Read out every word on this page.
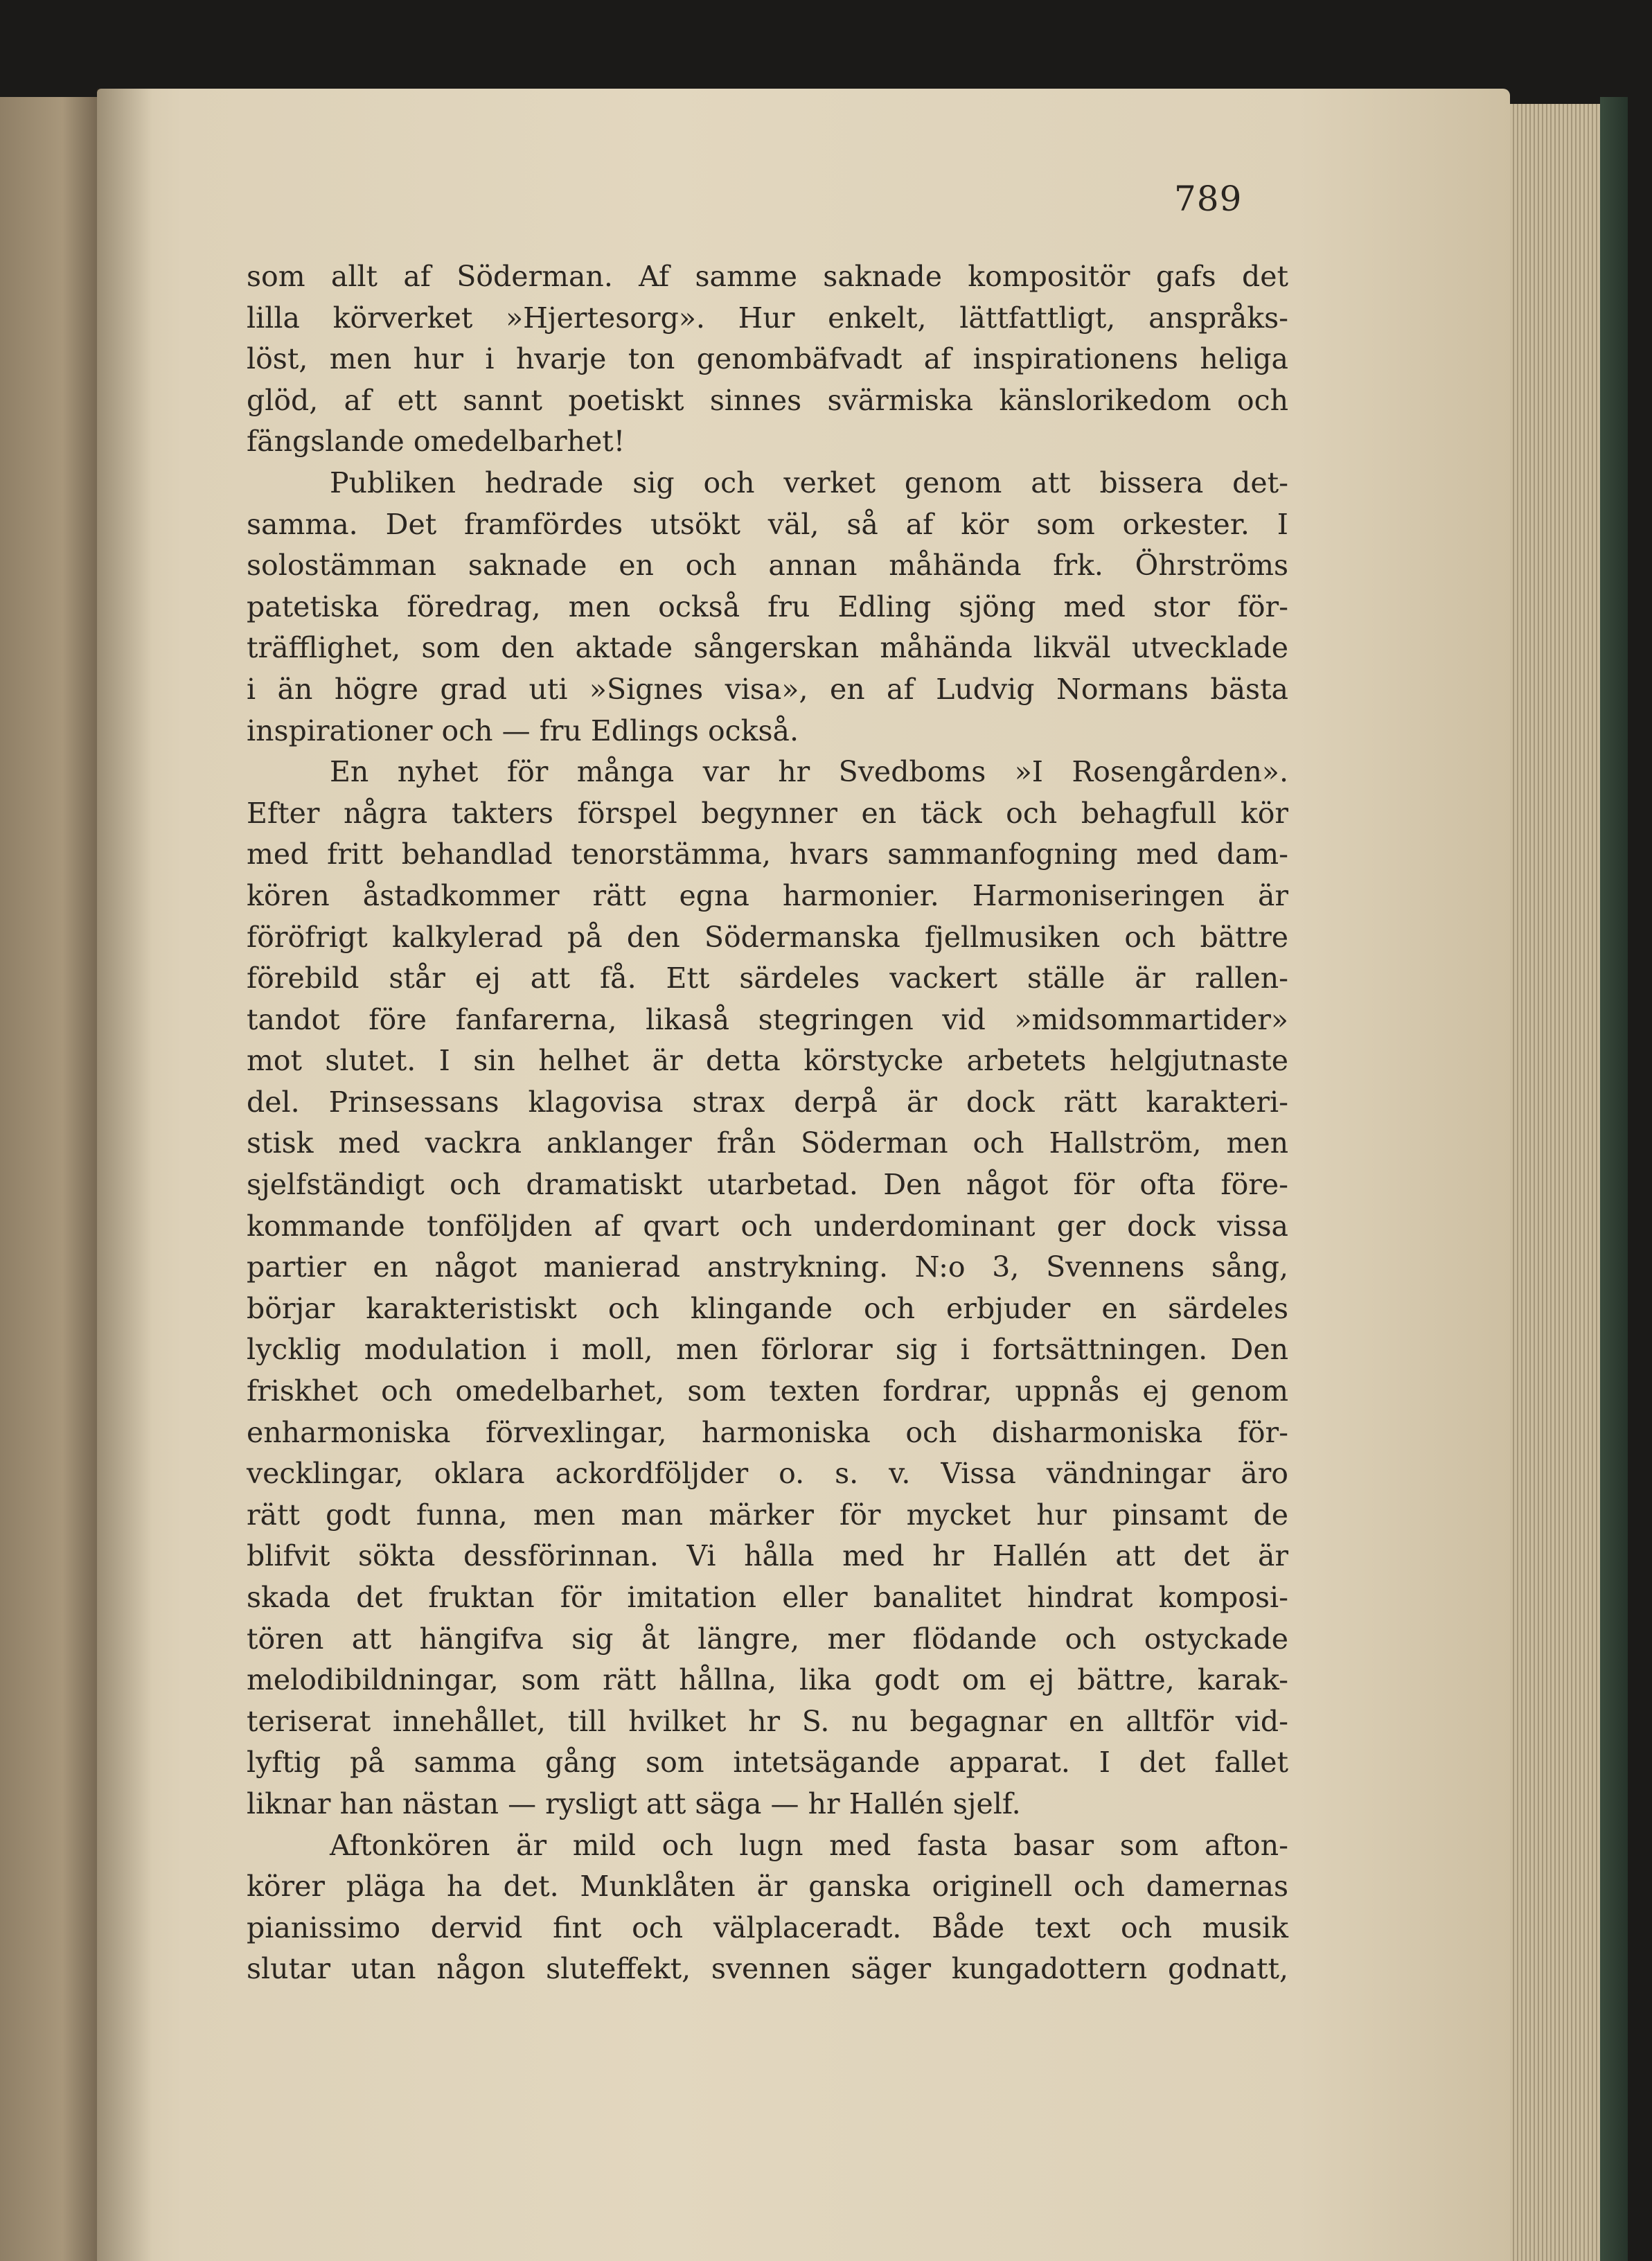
789
som allt af Söderman. Af samme saknade kompositör gafs det
lilla körverket »Hjertesorg». Hur enkelt, lättfattligt, anspråks-
löst, men hur i hvarje ton genombäfvadt af inspirationens heliga
glöd, af ett sannt poetiskt sinnes svärmiska känslorikedom och
fängslande omedelbarhet!
Publiken hedrade sig och verket genom att bissera det-
samma. Det framfördes utsökt väl, så af kör som orkester. I
solostämman saknade en och annan måhända frk. Öhrströms
patetiska föredrag, men också fru Edling sjöng med stor för-
träfflighet, som den aktade sångerskan måhända likväl utvecklade
i än högre grad uti »Signes visa», en af Ludvig Normans bästa
inspirationer och — fru Edlings också.
En nyhet för många var hr Svedboms »I Rosengården».
Efter några takters förspel begynner en täck och behagfull kör
med fritt behandlad tenorstämma, hvars sammanfogning med dam-
kören åstadkommer rätt egna harmonier. Harmoniseringen är
föröfrigt kalkylerad på den Södermanska fjellmusiken och bättre
förebild står ej att få. Ett särdeles vackert ställe är rallen-
tandot före fanfarerna, likaså stegringen vid »midsommartider»
mot slutet. I sin helhet är detta körstycke arbetets helgjutnaste
del. Prinsessans klagovisa strax derpå är dock rätt karakteri-
stisk med vackra anklanger från Söderman och Hallström, men
sjelfständigt och dramatiskt utarbetad. Den något för ofta före-
kommande tonföljden af qvart och underdominant ger dock vissa
partier en något manierad anstrykning. N:o 3, Svennens sång,
börjar karakteristiskt och klingande och erbjuder en särdeles
lycklig modulation i moll, men förlorar sig i fortsättningen. Den
friskhet och omedelbarhet, som texten fordrar, uppnås ej genom
enharmoniska förvexlingar, harmoniska och disharmoniska för-
vecklingar, oklara ackordföljder o. s. v. Vissa vändningar äro
rätt godt funna, men man märker för mycket hur pinsamt de
blifvit sökta dessförinnan. Vi hålla med hr Hallén att det är
skada det fruktan för imitation eller banalitet hindrat komposi-
tören att hängifva sig åt längre, mer flödande och ostyckade
melodibildningar, som rätt hållna, lika godt om ej bättre, karak-
teriserat innehållet, till hvilket hr S. nu begagnar en alltför vid-
lyftig på samma gång som intetsägande apparat. I det fallet
liknar han nästan — rysligt att säga — hr Hallén sjelf.
Aftonkören är mild och lugn med fasta basar som afton-
körer pläga ha det. Munklåten är ganska originell och damernas
pianissimo dervid fint och välplaceradt. Både text och musik
slutar utan någon sluteffekt, svennen säger kungadottern godnatt,
